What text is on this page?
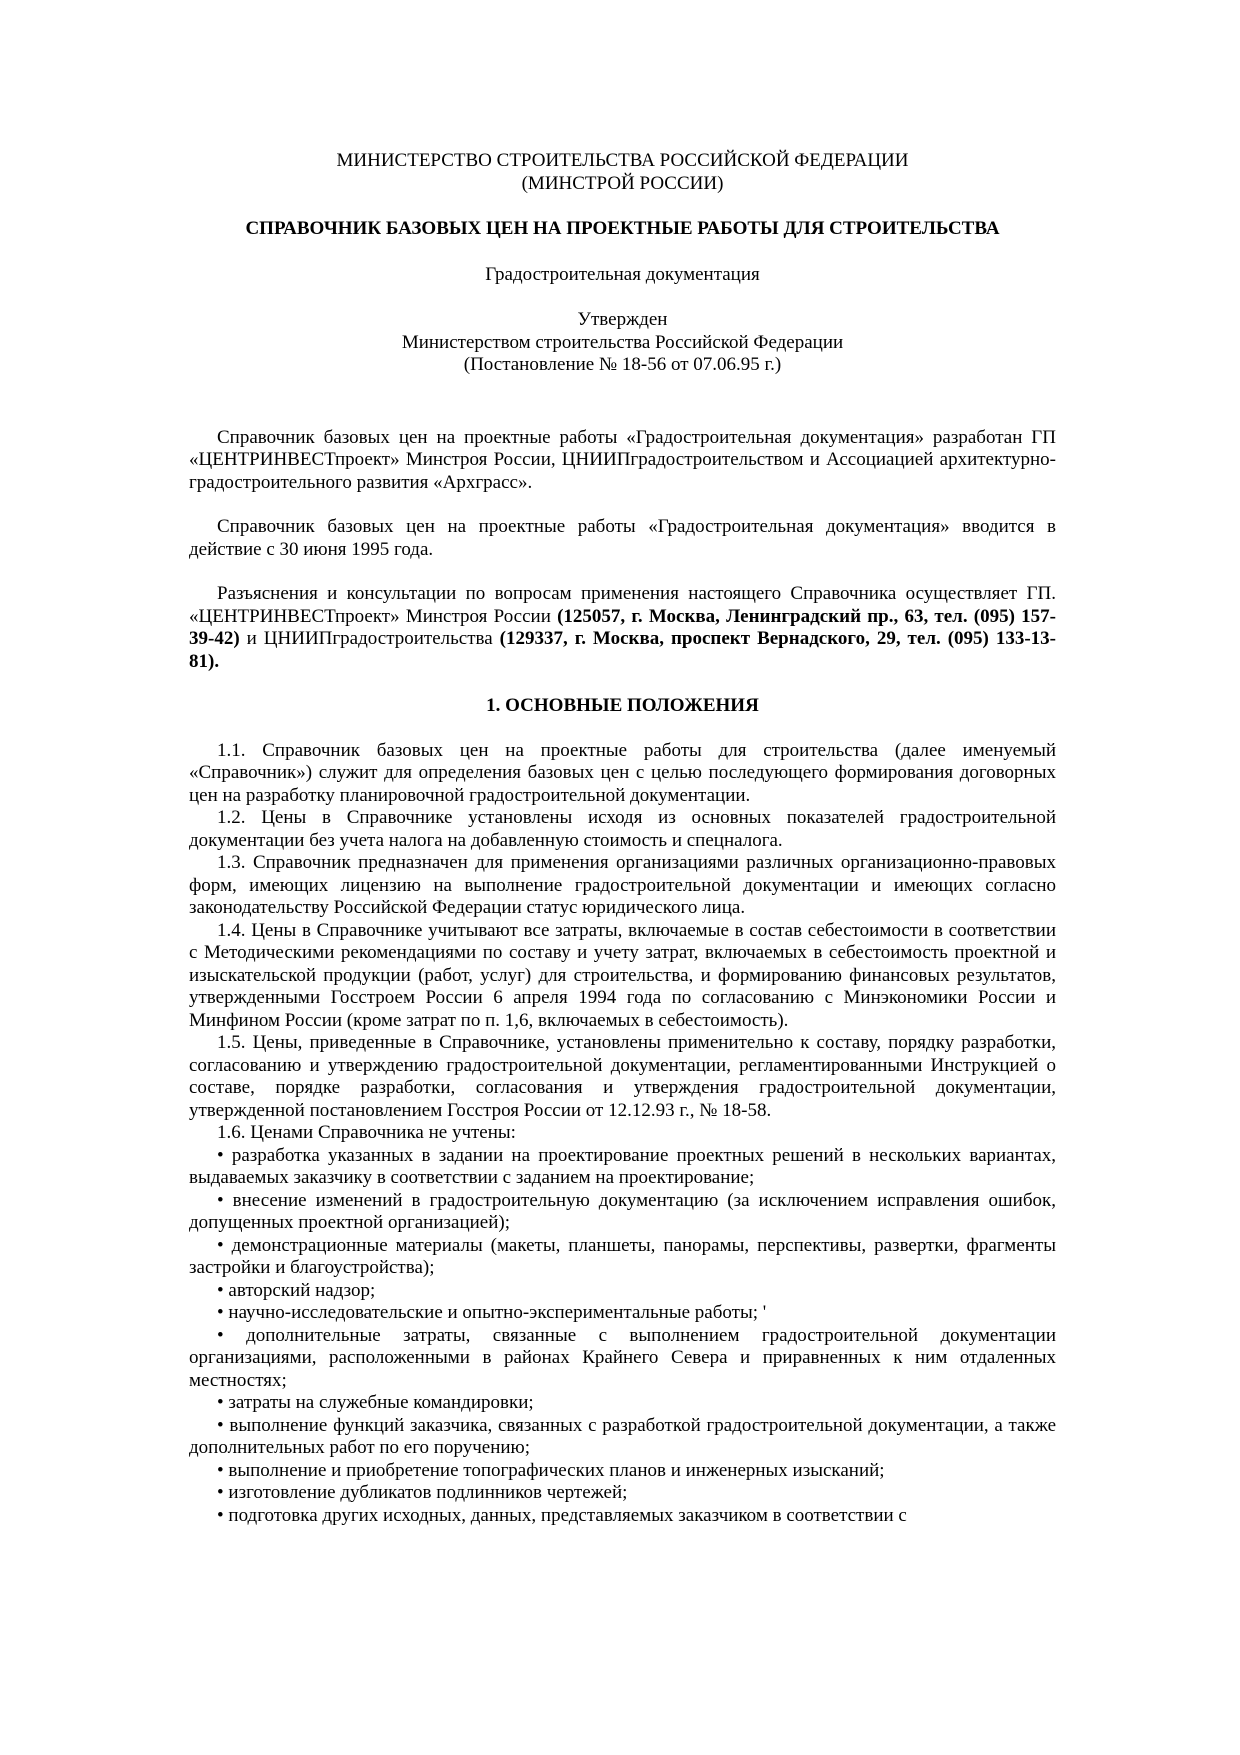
МИНИСТЕРСТВО СТРОИТЕЛЬСТВА РОССИЙСКОЙ ФЕДЕРАЦИИ
(МИНСТРОЙ РОССИИ)
СПРАВОЧНИК БАЗОВЫХ ЦЕН НА ПРОЕКТНЫЕ РАБОТЫ ДЛЯ СТРОИТЕЛЬСТВА
Градостроительная документация
Утвержден
Министерством строительства Российской Федерации
(Постановление № 18-56 от 07.06.95 г.)

Справочник базовых цен на проектные работы «Градостроительная документация» разработан ГП «ЦЕНТРИНВЕСТпроект» Минстроя России, ЦНИИПградостроительством и Ассоциацией архитектурно-градостроительного развития «Архграсс».

Справочник базовых цен на проектные работы «Градостроительная документация» вводится в действие с 30 июня 1995 года.

Разъяснения и консультации по вопросам применения настоящего Справочника осуществляет ГП. «ЦЕНТРИНВЕСТпроект» Минстроя России (125057, г. Москва, Ленинградский пр., 63, тел. (095) 157-39-42) и ЦНИИПградостроительства (129337, г. Москва, проспект Вернадского, 29, тел. (095) 133-13-81).

1. ОСНОВНЫЕ ПОЛОЖЕНИЯ

1.1. Справочник базовых цен на проектные работы для строительства (далее именуемый «Справочник») служит для определения базовых цен с целью последующего формирования договорных цен на разработку планировочной градостроительной документации.

1.2. Цены в Справочнике установлены исходя из основных показателей градостроительной документации без учета налога на добавленную стоимость и спецналога.

1.3. Справочник предназначен для применения организациями различных организационно-правовых форм, имеющих лицензию на выполнение градостроительной документации и имеющих согласно законодательству Российской Федерации статус юридического лица.

1.4. Цены в Справочнике учитывают все затраты, включаемые в состав себестоимости в соответствии с Методическими рекомендациями по составу и учету затрат, включаемых в себестоимость проектной и изыскательской продукции (работ, услуг) для строительства, и формированию финансовых результатов, утвержденными Госстроем России 6 апреля 1994 года по согласованию с Минэкономики России и Минфином России (кроме затрат по п. 1,6, включаемых в себестоимость).

1.5. Цены, приведенные в Справочнике, установлены применительно к составу, порядку разработки, согласованию и утверждению градостроительной документации, регламентированными Инструкцией о составе, порядке разработки, согласования и утверждения градостроительной документации, утвержденной постановлением Госстроя России от 12.12.93 г., № 18-58.

1.6. Ценами Справочника не учтены:

• разработка указанных в задании на проектирование проектных решений в нескольких вариантах, выдаваемых заказчику в соответствии с заданием на проектирование;

• внесение изменений в градостроительную документацию (за исключением исправления ошибок, допущенных проектной организацией);

• демонстрационные материалы (макеты, планшеты, панорамы, перспективы, развертки, фрагменты застройки и благоустройства);

• авторский надзор;

• научно-исследовательские и опытно-экспериментальные работы; '

• дополнительные затраты, связанные с выполнением градостроительной документации организациями, расположенными в районах Крайнего Севера и приравненных к ним отдаленных местностях;

• затраты на служебные командировки;

• выполнение функций заказчика, связанных с разработкой градостроительной документации, а также дополнительных работ по его поручению;

• выполнение и приобретение топографических планов и инженерных изысканий;

• изготовление дубликатов подлинников чертежей;

• подготовка других исходных, данных, представляемых заказчиком в соответствии с
